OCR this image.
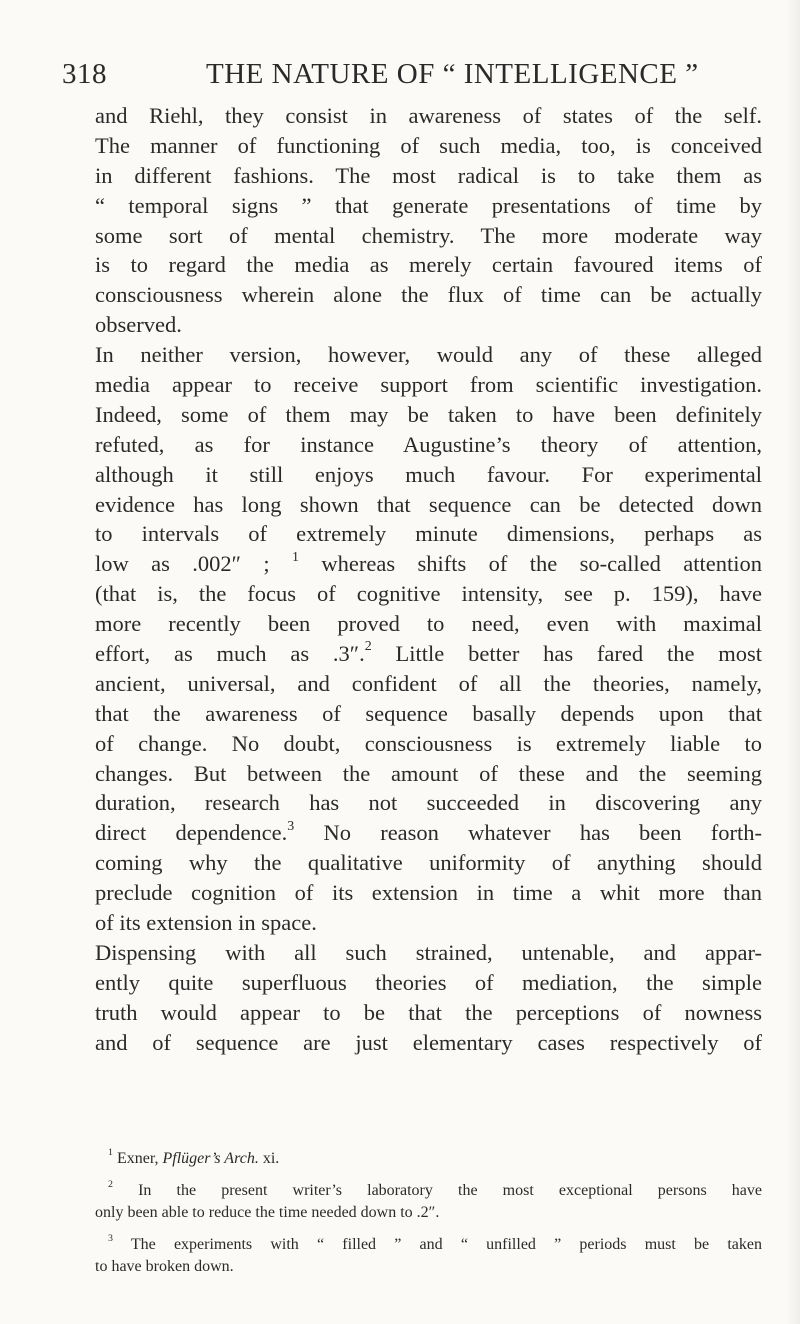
318	THE NATURE OF “ INTELLIGENCE ”
and Riehl, they consist in awareness of states of the self.
The manner of functioning of such media, too, is conceived
in different fashions. The most radical is to take them as
“ temporal signs ” that generate presentations of time by
some sort of mental chemistry. The more moderate way
is to regard the media as merely certain favoured items of
consciousness wherein alone the flux of time can be actually
observed.
In neither version, however, would any of these alleged
media appear to receive support from scientific investigation.
Indeed, some of them may be taken to have been definitely
refuted, as for instance Augustine’s theory of attention,
although it still enjoys much favour. For experimental
evidence has long shown that sequence can be detected down
to intervals of extremely minute dimensions, perhaps as
low as .002″ ; $^1$ whereas shifts of the so-called attention
(that is, the focus of cognitive intensity, see p. 159), have
more recently been proved to need, even with maximal
effort, as much as .3″.$^2$ Little better has fared the most
ancient, universal, and confident of all the theories, namely,
that the awareness of sequence basally depends upon that
of change. No doubt, consciousness is extremely liable to
changes. But between the amount of these and the seeming
duration, research has not succeeded in discovering any
direct dependence.$^3$ No reason whatever has been forth-
coming why the qualitative uniformity of anything should
preclude cognition of its extension in time a whit more than
of its extension in space.
Dispensing with all such strained, untenable, and appar-
ently quite superfluous theories of mediation, the simple
truth would appear to be that the perceptions of nowness
and of sequence are just elementary cases respectively of
$^1$ Exner, Pflüger’s Arch. xi.
$^2$ In the present writer’s laboratory the most exceptional persons have
only been able to reduce the time needed down to .2″.
$^3$ The experiments with “ filled ” and “ unfilled ” periods must be taken
to have broken down.
